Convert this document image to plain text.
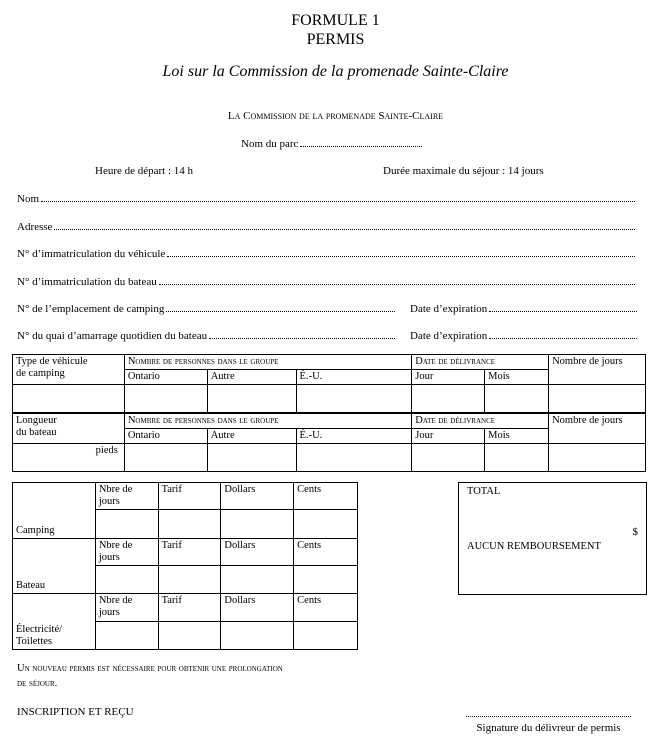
FORMULE 1
PERMIS
Loi sur la Commission de la promenade Sainte-Claire
La Commission de la promenade Sainte-Claire
Nom du parc
Heure de départ : 14 h	Durée maximale du séjour : 14 jours
Nom
Adresse
N° d’immatriculation du véhicule
N° d’immatriculation du bateau
N° de l’emplacement de camping	Date d’expiration
N° du quai d’amarrage quotidien du bateau	Date d’expiration
Type de véhicule
de camping	Nombre de personnes dans le groupe			Date de délivrance		Nombre de jours
	Ontario	Autre	É.-U.	Jour	Mois	

Longueur
du bateau	Nombre de personnes dans le groupe			Date de délivrance		Nombre de jours
	Ontario	Autre	É.-U.	Jour	Mois	
pieds						
	Nbre de jours	Tarif	Dollars	Cents
Camping				
	Nbre de jours	Tarif	Dollars	Cents
Bateau				
	Nbre de jours	Tarif	Dollars	Cents

Électricité/
Toilettes				

TOTAL
$
AUCUN REMBOURSEMENT
Un nouveau permis est nécessaire pour obtenir une prolongation
de séjour.
INSCRIPTION ET REÇU
Signature du délivreur de permis
